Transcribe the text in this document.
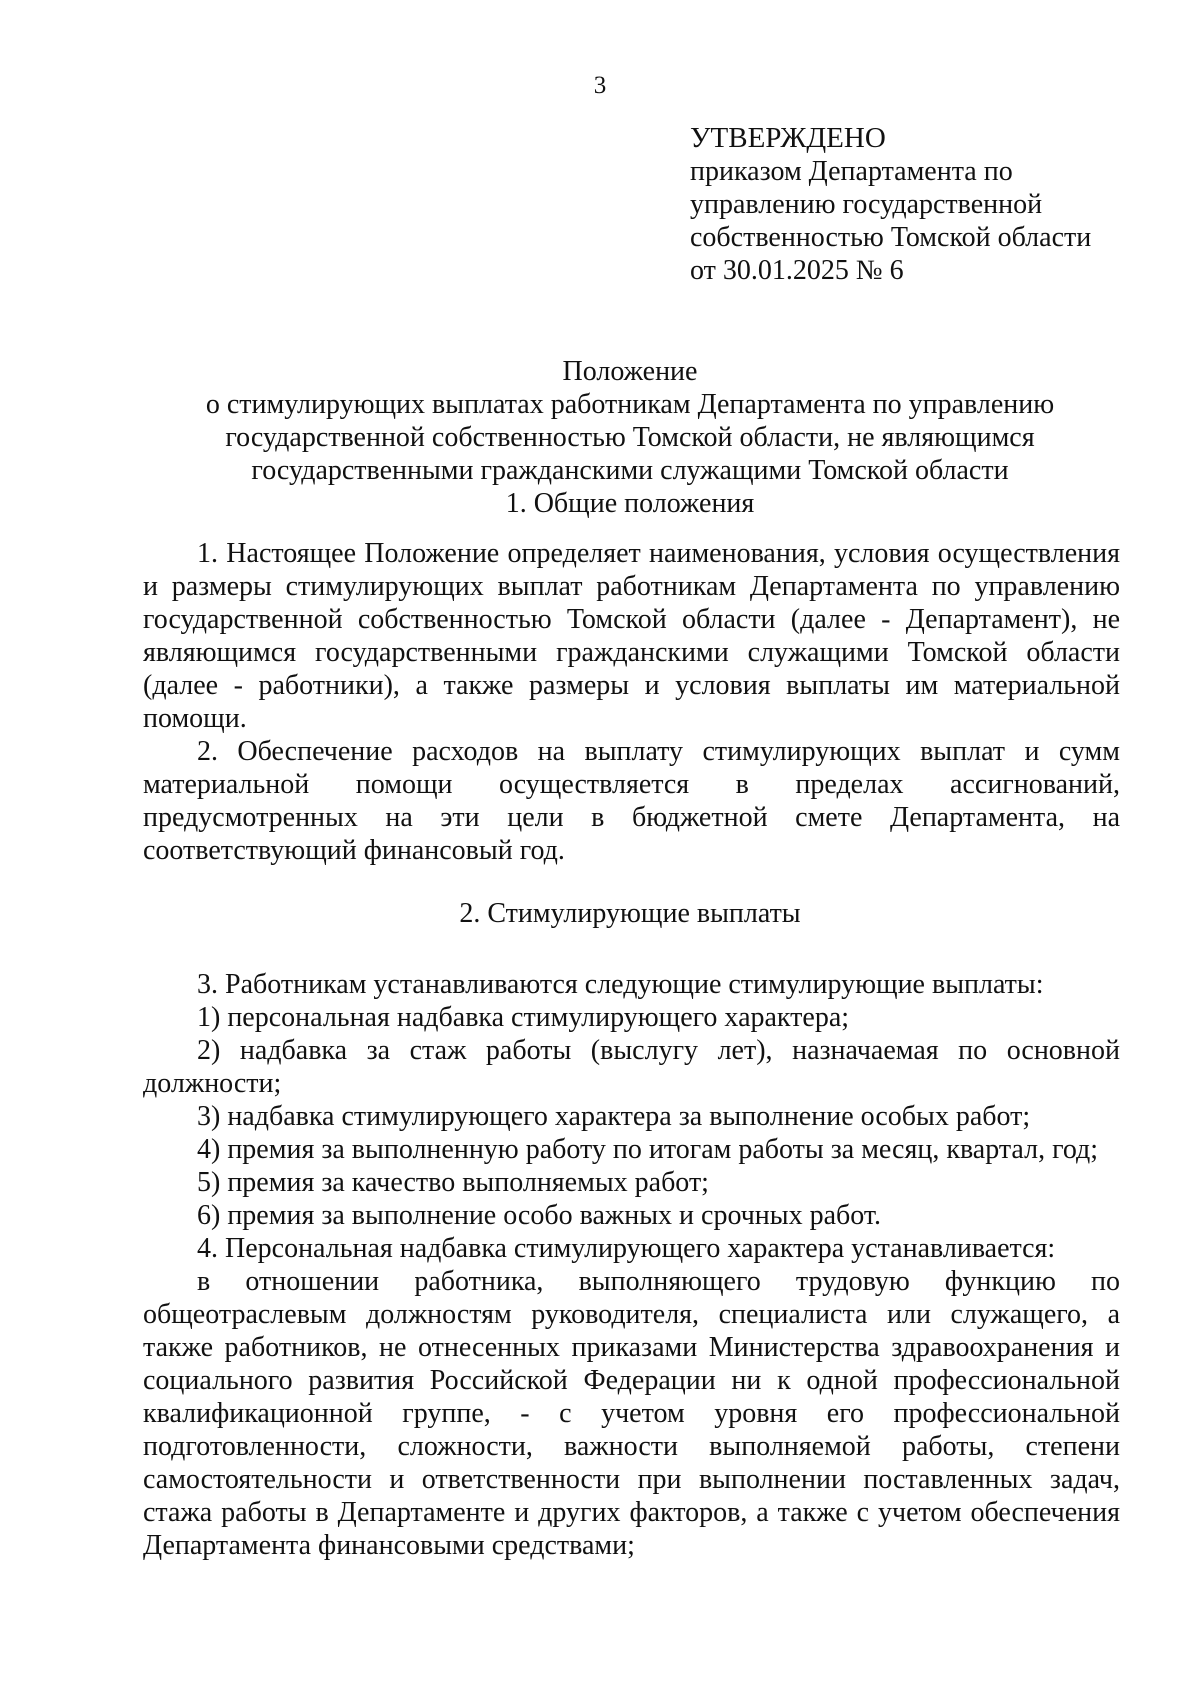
3
УТВЕРЖДЕНО
приказом Департамента по
управлению государственной
собственностью Томской области
от 30.01.2025 № 6
Положение
о стимулирующих выплатах работникам Департамента по управлению
государственной собственностью Томской области, не являющимся
государственными гражданскими служащими Томской области
1. Общие положения

1. Настоящее Положение определяет наименования, условия осуществления и размеры стимулирующих выплат работникам Департамента по управлению государственной собственностью Томской области (далее - Департамент), не являющимся государственными гражданскими служащими Томской области (далее - работники), а также размеры и условия выплаты им материальной помощи.

2. Обеспечение расходов на выплату стимулирующих выплат и сумм материальной помощи осуществляется в пределах ассигнований, предусмотренных на эти цели в бюджетной смете Департамента, на соответствующий финансовый год.

2. Стимулирующие выплаты

3. Работникам устанавливаются следующие стимулирующие выплаты:

1) персональная надбавка стимулирующего характера;

2) надбавка за стаж работы (выслугу лет), назначаемая по основной должности;

3) надбавка стимулирующего характера за выполнение особых работ;

4) премия за выполненную работу по итогам работы за месяц, квартал, год;

5) премия за качество выполняемых работ;

6) премия за выполнение особо важных и срочных работ.

4. Персональная надбавка стимулирующего характера устанавливается:

в отношении работника, выполняющего трудовую функцию по общеотраслевым должностям руководителя, специалиста или служащего, а также работников, не отнесенных приказами Министерства здравоохранения и социального развития Российской Федерации ни к одной профессиональной квалификационной группе, - с учетом уровня его профессиональной подготовленности, сложности, важности выполняемой работы, степени самостоятельности и ответственности при выполнении поставленных задач, стажа работы в Департаменте и других факторов, а также с учетом обеспечения Департамента финансовыми средствами;
